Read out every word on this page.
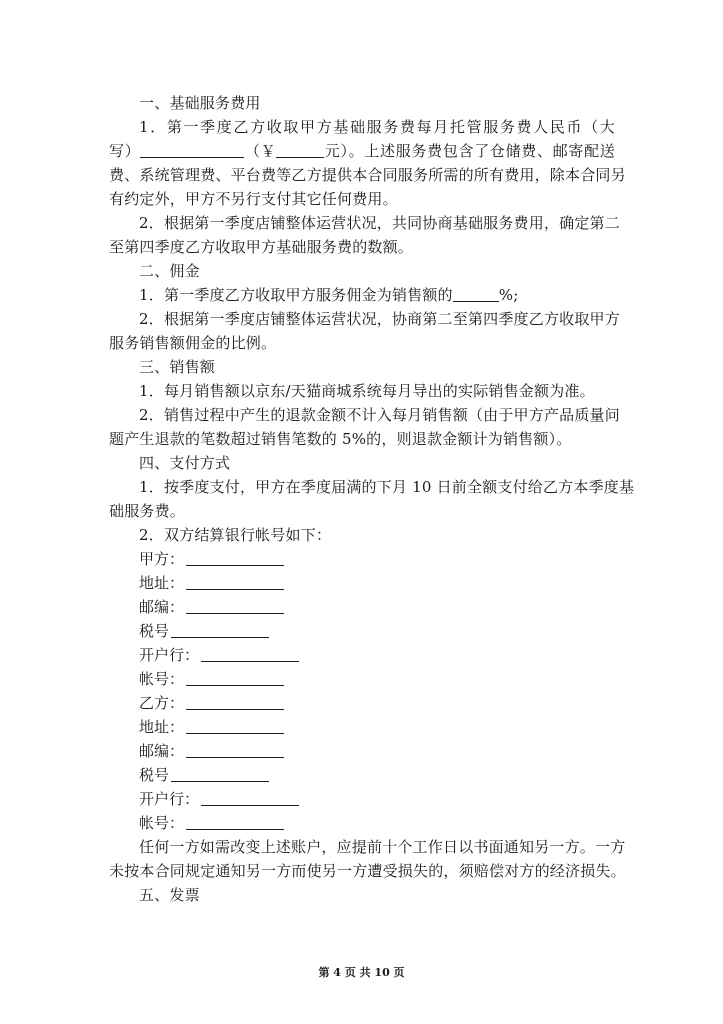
一、基础服务费用
1．第一季度乙方收取甲方基础服务费每月托管服务费人民币（大
写）	（￥	元）。上述服务费包含了仓储费、邮寄配送
费、系统管理费、平台费等乙方提供本合同服务所需的所有费用，除本合同另
有约定外，甲方不另行支付其它任何费用。
2．根据第一季度店铺整体运营状况，共同协商基础服务费用，确定第二
至第四季度乙方收取甲方基础服务费的数额。
二、佣金
1．第一季度乙方收取甲方服务佣金为销售额的	%;
2．根据第一季度店铺整体运营状况，协商第二至第四季度乙方收取甲方
服务销售额佣金的比例。
三、销售额
1．每月销售额以京东/天猫商城系统每月导出的实际销售金额为准。
2．销售过程中产生的退款金额不计入每月销售额（由于甲方产品质量问
题产生退款的笔数超过销售笔数的 5%的，则退款金额计为销售额）。
四、支付方式
1．按季度支付，甲方在季度届满的下月 10 日前全额支付给乙方本季度基
础服务费。
2．双方结算银行帐号如下：
甲方：
地址：
邮编：
税号
开户行：
帐号：
乙方：
地址：
邮编：
税号
开户行：
帐号：
任何一方如需改变上述账户，应提前十个工作日以书面通知另一方。一方
未按本合同规定通知另一方而使另一方遭受损失的，须赔偿对方的经济损失。
五、发票
第 4 页 共 10 页
